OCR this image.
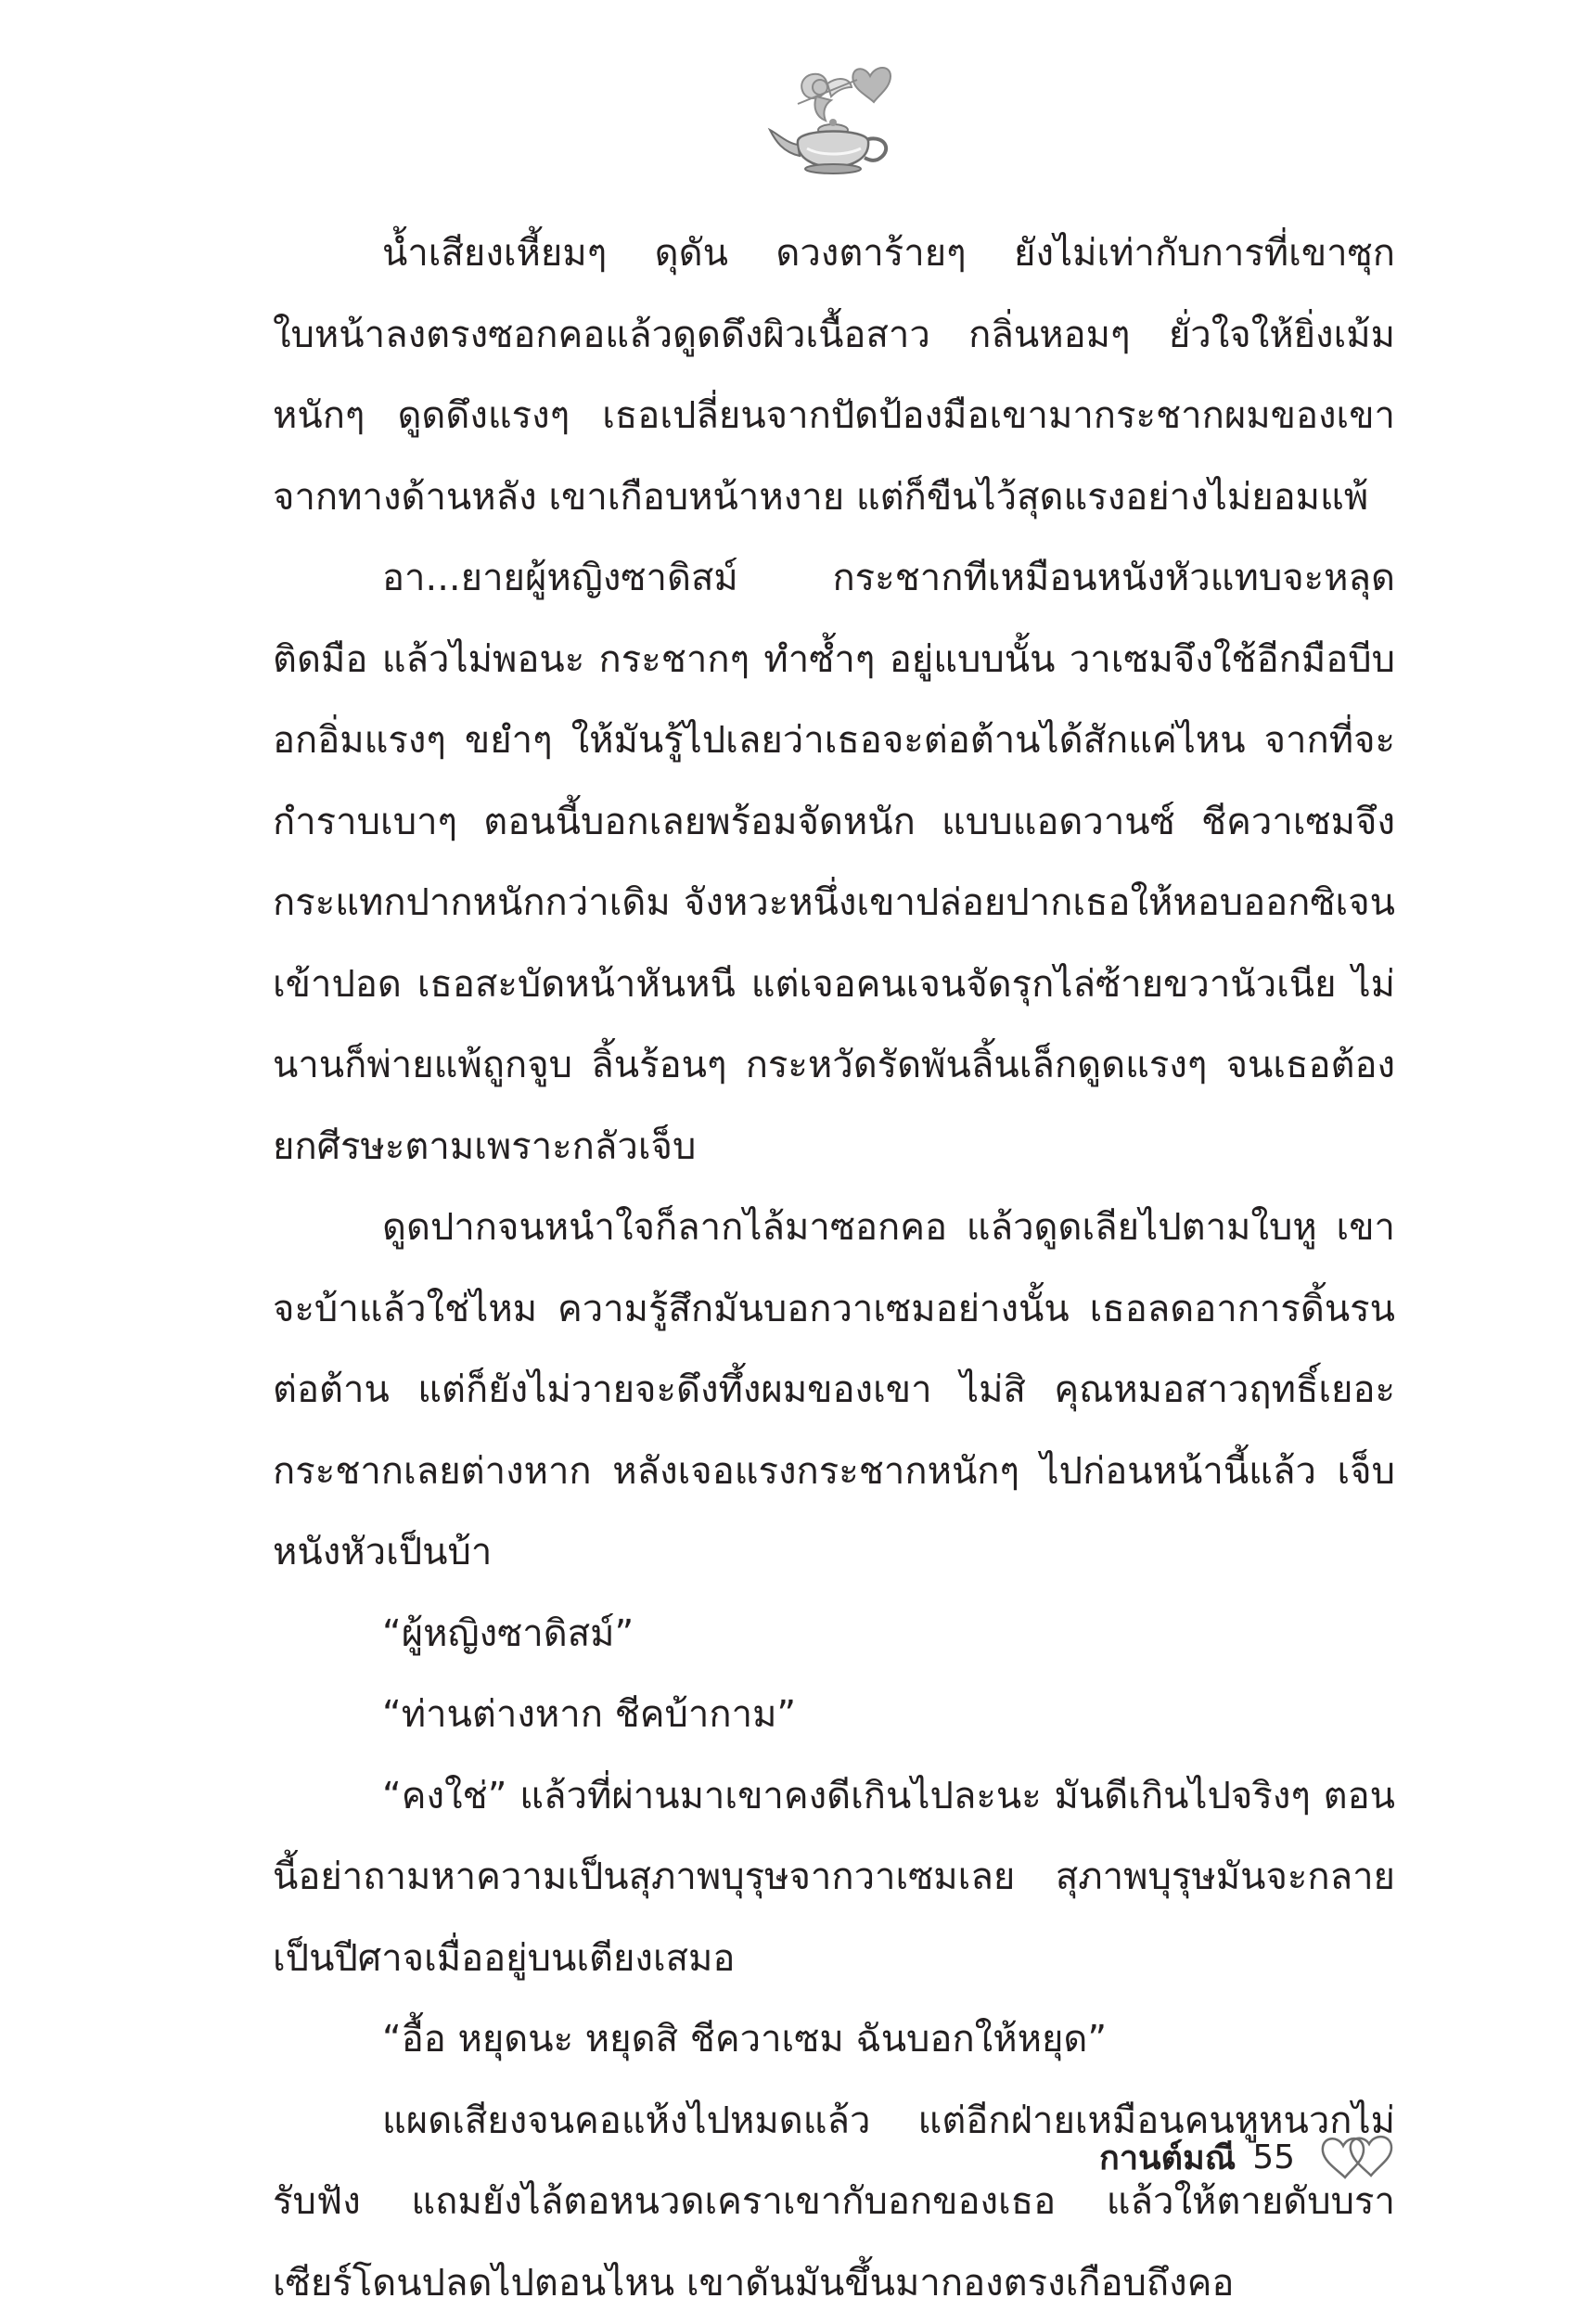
น้ำเสียงเหี้ยมๆ ดุดัน ดวงตาร้ายๆ ยังไม่เท่ากับการที่เขาซุกใบหน้าลงตรงซอกคอแล้วดูดดึงผิวเนื้อสาว กลิ่นหอมๆ ยั่วใจให้ยิ่งเม้มหนักๆ ดูดดึงแรงๆ เธอเปลี่ยนจากปัดป้องมือเขามากระชากผมของเขาจากทางด้านหลัง เขาเกือบหน้าหงาย แต่ก็ขืนไว้สุดแรงอย่างไม่ยอมแพ้

อา...ยายผู้หญิงซาดิสม์ กระชากทีเหมือนหนังหัวแทบจะหลุดติดมือ แล้วไม่พอนะ กระชากๆ ทำซ้ำๆ อยู่แบบนั้น วาเซมจึงใช้อีกมือบีบอกอิ่มแรงๆ ขยำๆ ให้มันรู้ไปเลยว่าเธอจะต่อต้านได้สักแค่ไหน จากที่จะกำราบเบาๆ ตอนนี้บอกเลยพร้อมจัดหนัก แบบแอดวานซ์ ชีควาเซมจึงกระแทกปากหนักกว่าเดิม จังหวะหนึ่งเขาปล่อยปากเธอให้หอบออกซิเจนเข้าปอด เธอสะบัดหน้าหันหนี แต่เจอคนเจนจัดรุกไล่ซ้ายขวานัวเนีย ไม่นานก็พ่ายแพ้ถูกจูบ ลิ้นร้อนๆ กระหวัดรัดพันลิ้นเล็กดูดแรงๆ จนเธอต้องยกศีรษะตามเพราะกลัวเจ็บ

ดูดปากจนหนำใจก็ลากไล้มาซอกคอ แล้วดูดเลียไปตามใบหู เขาจะบ้าแล้วใช่ไหม ความรู้สึกมันบอกวาเซมอย่างนั้น เธอลดอาการดิ้นรนต่อต้าน แต่ก็ยังไม่วายจะดึงทึ้งผมของเขา ไม่สิ คุณหมอสาวฤทธิ์เยอะกระชากเลยต่างหาก หลังเจอแรงกระชากหนักๆ ไปก่อนหน้านี้แล้ว เจ็บหนังหัวเป็นบ้า

“ผู้หญิงซาดิสม์”

“ท่านต่างหาก ชีคบ้ากาม”

“คงใช่” แล้วที่ผ่านมาเขาคงดีเกินไปละนะ มันดีเกินไปจริงๆ ตอนนี้อย่าถามหาความเป็นสุภาพบุรุษจากวาเซมเลย สุภาพบุรุษมันจะกลายเป็นปีศาจเมื่ออยู่บนเตียงเสมอ

“อื้อ หยุดนะ หยุดสิ ชีควาเซม ฉันบอกให้หยุด”

แผดเสียงจนคอแห้งไปหมดแล้ว แต่อีกฝ่ายเหมือนคนหูหนวกไม่รับฟัง แถมยังไล้ตอหนวดเคราเขากับอกของเธอ แล้วให้ตายดับบราเซียร์โดนปลดไปตอนไหน เขาดันมันขึ้นมากองตรงเกือบถึงคอ

กานต์มณี 55
